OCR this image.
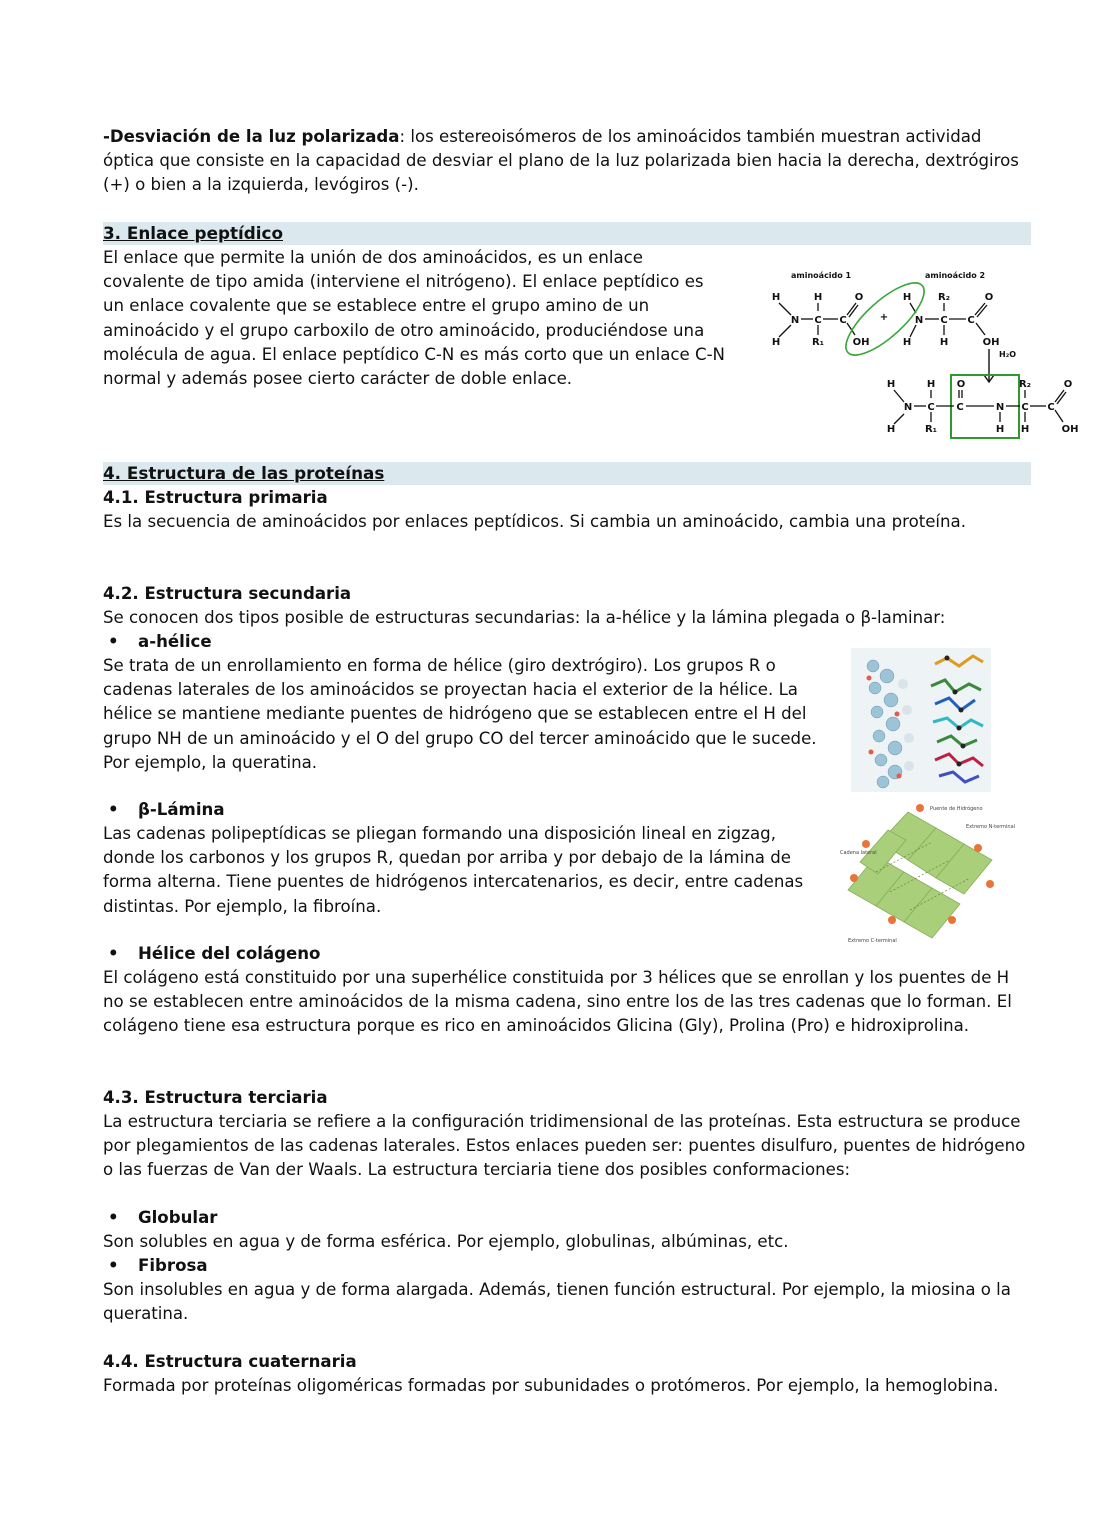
-Desviación de la luz polarizada: los estereoisómeros de los aminoácidos también muestran actividad óptica que consiste en la capacidad de desviar el plano de la luz polarizada bien hacia la derecha, dextrógiros (+) o bien a la izquierda, levógiros (-).
3. Enlace peptídico
El enlace que permite la unión de dos aminoácidos, es un enlace covalente de tipo amida (interviene el nitrógeno). El enlace peptídico es un enlace covalente que se establece entre el grupo amino de un aminoácido y el grupo carboxilo de otro aminoácido, produciéndose una molécula de agua. El enlace peptídico C-N es más corto que un enlace C-N normal y además posee cierto carácter de doble enlace.
aminoácido 1	aminoácido 2
H	H	O
N C C
H	R₁	OH
+
H
N
R₂
C C
O
H	H	OH
H₂O
H	H O
N C C	N C
R₂
C
O
H	R₁	H H	OH
4. Estructura de las proteínas
4.1. Estructura primaria
Es la secuencia de aminoácidos por enlaces peptídicos. Si cambia un aminoácido, cambia una proteína.
4.2. Estructura secundaria
Se conocen dos tipos posible de estructuras secundarias: la a-hélice y la lámina plegada o β-laminar:
• a-hélice
Se trata de un enrollamiento en forma de hélice (giro dextrógiro). Los grupos R o cadenas laterales de los aminoácidos se proyectan hacia el exterior de la hélice. La hélice se mantiene mediante puentes de hidrógeno que se establecen entre el H del grupo NH de un aminoácido y el O del grupo CO del tercer aminoácido que le sucede. Por ejemplo, la queratina.
• β-Lámina
Las cadenas polipeptídicas se pliegan formando una disposición lineal en zigzag, donde los carbonos y los grupos R, quedan por arriba y por debajo de la lámina de forma alterna. Tiene puentes de hidrógenos intercatenarios, es decir, entre cadenas distintas. Por ejemplo, la fibroína.
Puente de Hidrógeno
Cadena lateral
Extremo N-terminal
Extremo C-terminal
• Hélice del colágeno
El colágeno está constituido por una superhélice constituida por 3 hélices que se enrollan y los puentes de H no se establecen entre aminoácidos de la misma cadena, sino entre los de las tres cadenas que lo forman. El colágeno tiene esa estructura porque es rico en aminoácidos Glicina (Gly), Prolina (Pro) e hidroxiprolina.
4.3. Estructura terciaria
La estructura terciaria se refiere a la configuración tridimensional de las proteínas. Esta estructura se produce por plegamientos de las cadenas laterales. Estos enlaces pueden ser: puentes disulfuro, puentes de hidrógeno o las fuerzas de Van der Waals. La estructura terciaria tiene dos posibles conformaciones:
• Globular
Son solubles en agua y de forma esférica. Por ejemplo, globulinas, albúminas, etc.
• Fibrosa
Son insolubles en agua y de forma alargada. Además, tienen función estructural. Por ejemplo, la miosina o la queratina.
4.4. Estructura cuaternaria
Formada por proteínas oligoméricas formadas por subunidades o protómeros. Por ejemplo, la hemoglobina.
